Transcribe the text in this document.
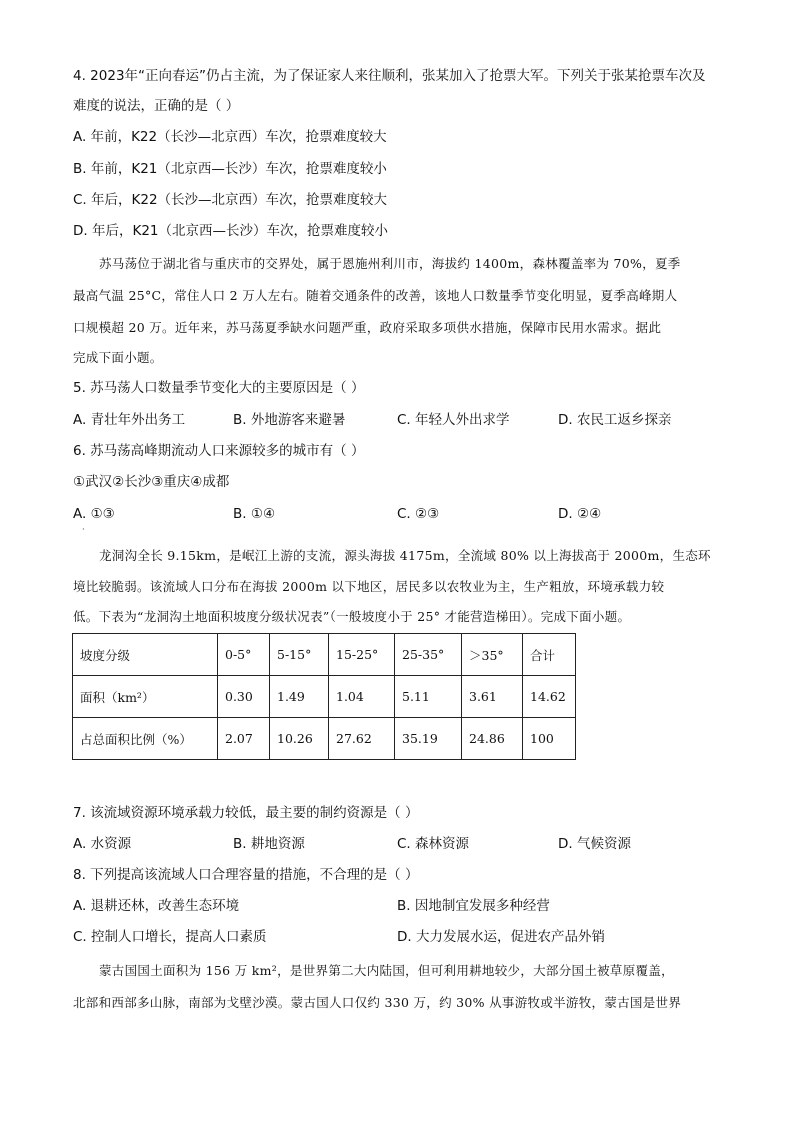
4. 2023年“正向春运”仍占主流，为了保证家人来往顺利，张某加入了抢票大军。下列关于张某抢票车次及
难度的说法，正确的是（ ）
A. 年前，K22（长沙—北京西）车次，抢票难度较大
B. 年前，K21（北京西—长沙）车次，抢票难度较小
C. 年后，K22（长沙—北京西）车次，抢票难度较大
D. 年后，K21（北京西—长沙）车次，抢票难度较小
苏马荡位于湖北省与重庆市的交界处，属于恩施州利川市，海拔约 1400m，森林覆盖率为 70%，夏季
最高气温 25°C，常住人口 2 万人左右。随着交通条件的改善，该地人口数量季节变化明显，夏季高峰期人
口规模超 20 万。近年来，苏马荡夏季缺水问题严重，政府采取多项供水措施，保障市民用水需求。据此
完成下面小题。
5. 苏马荡人口数量季节变化大的主要原因是（ ）
A. 青壮年外出务工	B. 外地游客来避暑	C. 年轻人外出求学	D. 农民工返乡探亲
6. 苏马荡高峰期流动人口来源较多的城市有（ ）
①武汉②长沙③重庆④成都
A. ①③	B. ①④	C. ②③	D. ②④
·
龙洞沟全长 9.15km，是岷江上游的支流，源头海拔 4175m，全流域 80% 以上海拔高于 2000m，生态环
境比较脆弱。该流域人口分布在海拔 2000m 以下地区，居民多以农牧业为主，生产粗放，环境承载力较
低。下表为“龙洞沟土地面积坡度分级状况表”（一般坡度小于 25° 才能营造梯田）。完成下面小题。
坡度分级	0-5°	5-15°	15-25°	25-35°	＞35°	合计
面积（km²）	0.30	1.49	1.04	5.11	3.61	14.62
占总面积比例（%）	2.07	10.26	27.62	35.19	24.86	100
7. 该流域资源环境承载力较低，最主要的制约资源是（ ）
A. 水资源	B. 耕地资源	C. 森林资源	D. 气候资源
8. 下列提高该流域人口合理容量的措施，不合理的是（ ）
A. 退耕还林，改善生态环境	B. 因地制宜发展多种经营
C. 控制人口增长，提高人口素质	D. 大力发展水运，促进农产品外销
蒙古国国土面积为 156 万 km²，是世界第二大内陆国，但可利用耕地较少，大部分国土被草原覆盖，
北部和西部多山脉，南部为戈壁沙漠。蒙古国人口仅约 330 万，约 30% 从事游牧或半游牧，蒙古国是世界
